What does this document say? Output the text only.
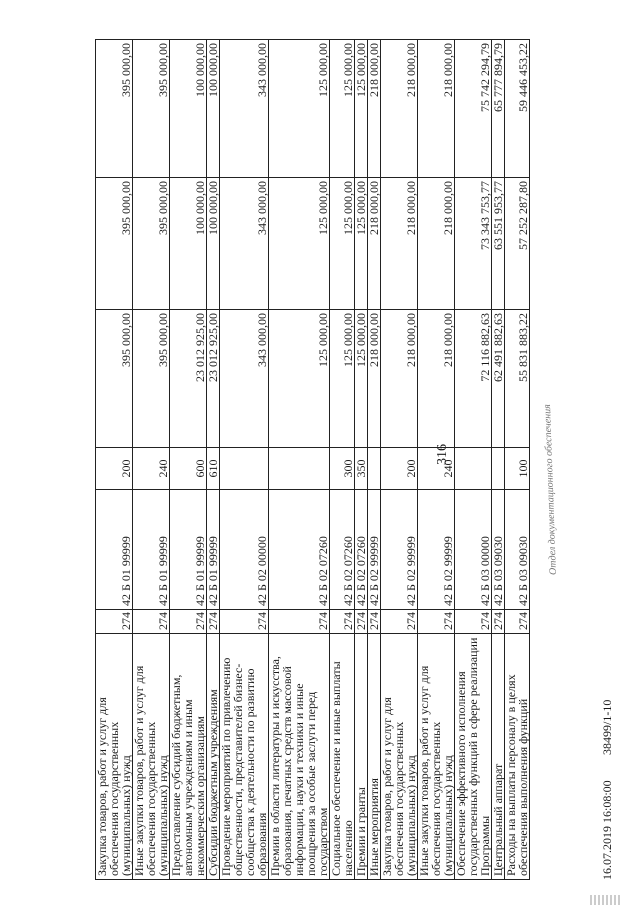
316
Закупка товаров, работ и услуг для обеспечения государственных (муниципальных) нужд	274	42 Б 01 99999	200	395 000,00	395 000,00	395 000,00
Иные закупки товаров, работ и услуг для обеспечения государственных (муниципальных) нужд	274	42 Б 01 99999	240	395 000,00	395 000,00	395 000,00
Предоставление субсидий бюджетным, автономным учреждениям и иным некоммерческим организациям	274	42 Б 01 99999	600	23 012 925,00	100 000,00	100 000,00
Субсидии бюджетным учреждениям	274	42 Б 01 99999	610	23 012 925,00	100 000,00	100 000,00
Проведение мероприятий по привлечению общественности, представителей бизнес-сообщества к деятельности по развитию образования	274	42 Б 02 00000		343 000,00	343 000,00	343 000,00
Премии в области литературы и искусства, образования, печатных средств массовой информации, науки и техники и иные поощрения за особые заслуги перед государством	274	42 Б 02 07260		125 000,00	125 000,00	125 000,00
Социальное обеспечение и иные выплаты населению	274	42 Б 02 07260	300	125 000,00	125 000,00	125 000,00
Премии и гранты	274	42 Б 02 07260	350	125 000,00	125 000,00	125 000,00
Иные мероприятия	274	42 Б 02 99999		218 000,00	218 000,00	218 000,00
Закупка товаров, работ и услуг для обеспечения государственных (муниципальных) нужд	274	42 Б 02 99999	200	218 000,00	218 000,00	218 000,00
Иные закупки товаров, работ и услуг для обеспечения государственных (муниципальных) нужд	274	42 Б 02 99999	240	218 000,00	218 000,00	218 000,00
Обеспечение эффективного исполнения государственных функций в сфере реализации Программы	274	42 Б 03 00000		72 116 882,63	73 343 753,77	75 742 294,79
Центральный аппарат	274	42 Б 03 09030		62 491 882,63	63 551 953,77	65 777 894,79
Расходы на выплаты персоналу в целях обеспечения выполнения функций	274	42 Б 03 09030	100	55 831 883,22	57 252 287,80	59 446 453,22
Отдел документационного обеспечения
16.07.2019 16:08:00
38499/1-10
